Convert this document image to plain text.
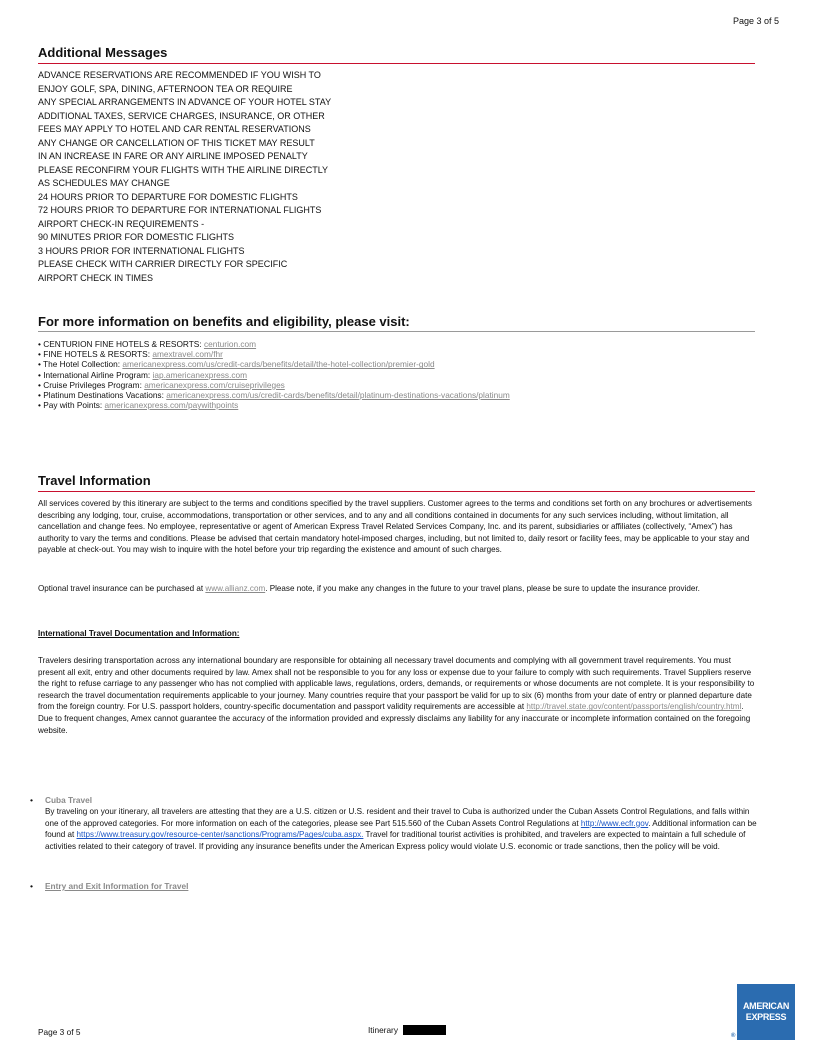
Page 3 of 5
Additional Messages
ADVANCE RESERVATIONS ARE RECOMMENDED IF YOU WISH TO
ENJOY GOLF, SPA, DINING, AFTERNOON TEA OR REQUIRE
ANY SPECIAL ARRANGEMENTS IN ADVANCE OF YOUR HOTEL STAY
ADDITIONAL TAXES, SERVICE CHARGES, INSURANCE, OR OTHER
FEES MAY APPLY TO HOTEL AND CAR RENTAL RESERVATIONS
ANY CHANGE OR CANCELLATION OF THIS TICKET MAY RESULT
IN AN INCREASE IN FARE OR ANY AIRLINE IMPOSED PENALTY
PLEASE RECONFIRM YOUR FLIGHTS WITH THE AIRLINE DIRECTLY
AS SCHEDULES MAY CHANGE
24 HOURS PRIOR TO DEPARTURE FOR DOMESTIC FLIGHTS
72 HOURS PRIOR TO DEPARTURE FOR INTERNATIONAL FLIGHTS
AIRPORT CHECK-IN REQUIREMENTS -
90 MINUTES PRIOR FOR DOMESTIC FLIGHTS
3 HOURS PRIOR FOR INTERNATIONAL FLIGHTS
PLEASE CHECK WITH CARRIER DIRECTLY FOR SPECIFIC
AIRPORT CHECK IN TIMES
For more information on benefits and eligibility, please visit:
• CENTURION FINE HOTELS & RESORTS: centurion.com
• FINE HOTELS & RESORTS: amextravel.com/fhr
• The Hotel Collection: americanexpress.com/us/credit-cards/benefits/detail/the-hotel-collection/premier-gold
• International Airline Program: iap.americanexpress.com
• Cruise Privileges Program: americanexpress.com/cruiseprivileges
• Platinum Destinations Vacations: americanexpress.com/us/credit-cards/benefits/detail/platinum-destinations-vacations/platinum
• Pay with Points: americanexpress.com/paywithpoints
Travel Information
All services covered by this itinerary are subject to the terms and conditions specified by the travel suppliers. Customer agrees to the terms and conditions set forth on any brochures or advertisements describing any lodging, tour, cruise, accommodations, transportation or other services, and to any and all conditions contained in documents for any such services including, without limitation, all cancellation and change fees. No employee, representative or agent of American Express Travel Related Services Company, Inc. and its parent, subsidiaries or affiliates (collectively, “Amex”) has authority to vary the terms and conditions. Please be advised that certain mandatory hotel-imposed charges, including, but not limited to, daily resort or facility fees, may be applicable to your stay and payable at check-out. You may wish to inquire with the hotel before your trip regarding the existence and amount of such charges.
Optional travel insurance can be purchased at www.allianz.com. Please note, if you make any changes in the future to your travel plans, please be sure to update the insurance provider.
International Travel Documentation and Information:
Travelers desiring transportation across any international boundary are responsible for obtaining all necessary travel documents and complying with all government travel requirements. You must present all exit, entry and other documents required by law. Amex shall not be responsible to you for any loss or expense due to your failure to comply with such requirements. Travel Suppliers reserve the right to refuse carriage to any passenger who has not complied with applicable laws, regulations, orders, demands, or requirements or whose documents are not complete. It is your responsibility to research the travel documentation requirements applicable to your journey. Many countries require that your passport be valid for up to six (6) months from your date of entry or planned departure date from the foreign country. For U.S. passport holders, country-specific documentation and passport validity requirements are accessible at http://travel.state.gov/content/passports/english/country.html. Due to frequent changes, Amex cannot guarantee the accuracy of the information provided and expressly disclaims any liability for any inaccurate or incomplete information contained on the foregoing website.
• Cuba Travel
By traveling on your itinerary, all travelers are attesting that they are a U.S. citizen or U.S. resident and their travel to Cuba is authorized under the Cuban Assets Control Regulations, and falls within one of the approved categories. For more information on each of the categories, please see Part 515.560 of the Cuban Assets Control Regulations at http://www.ecfr.gov. Additional information can be found at https://www.treasury.gov/resource-center/sanctions/Programs/Pages/cuba.aspx. Travel for traditional tourist activities is prohibited, and travelers are expected to maintain a full schedule of activities related to their category of travel. If providing any insurance benefits under the American Express policy would violate U.S. economic or trade sanctions, then the policy will be void.
• Entry and Exit Information for Travel
Page 3 of 5	Itinerary
AMERICAN
EXPRESS
®
